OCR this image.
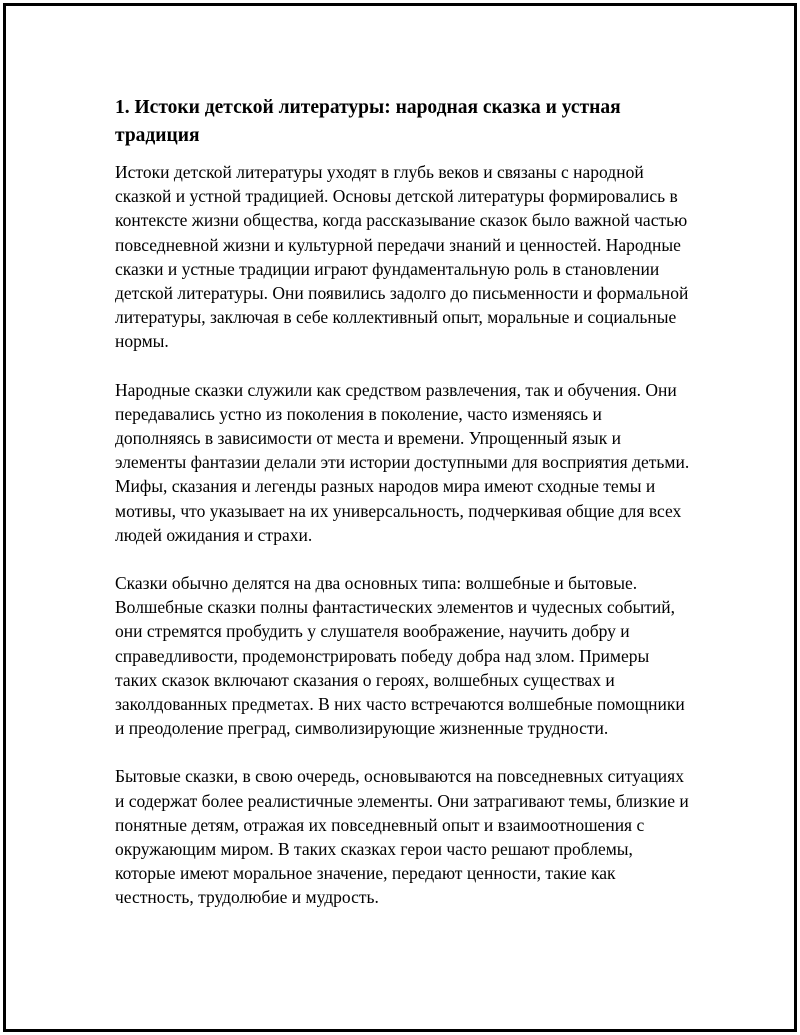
1. Истоки детской литературы: народная сказка и устная традиция

Истоки детской литературы уходят в глубь веков и связаны с народной сказкой и устной традицией. Основы детской литературы формировались в контексте жизни общества, когда рассказывание сказок было важной частью повседневной жизни и культурной передачи знаний и ценностей. Народные сказки и устные традиции играют фундаментальную роль в становлении детской литературы. Они появились задолго до письменности и формальной литературы, заключая в себе коллективный опыт, моральные и социальные нормы.

Народные сказки служили как средством развлечения, так и обучения. Они передавались устно из поколения в поколение, часто изменяясь и дополняясь в зависимости от места и времени. Упрощенный язык и элементы фантазии делали эти истории доступными для восприятия детьми. Мифы, сказания и легенды разных народов мира имеют сходные темы и мотивы, что указывает на их универсальность, подчеркивая общие для всех людей ожидания и страхи.

Сказки обычно делятся на два основных типа: волшебные и бытовые. Волшебные сказки полны фантастических элементов и чудесных событий, они стремятся пробудить у слушателя воображение, научить добру и справедливости, продемонстрировать победу добра над злом. Примеры таких сказок включают сказания о героях, волшебных существах и заколдованных предметах. В них часто встречаются волшебные помощники и преодоление преград, символизирующие жизненные трудности.

Бытовые сказки, в свою очередь, основываются на повседневных ситуациях и содержат более реалистичные элементы. Они затрагивают темы, близкие и понятные детям, отражая их повседневный опыт и взаимоотношения с окружающим миром. В таких сказках герои часто решают проблемы, которые имеют моральное значение, передают ценности, такие как честность, трудолюбие и мудрость.
